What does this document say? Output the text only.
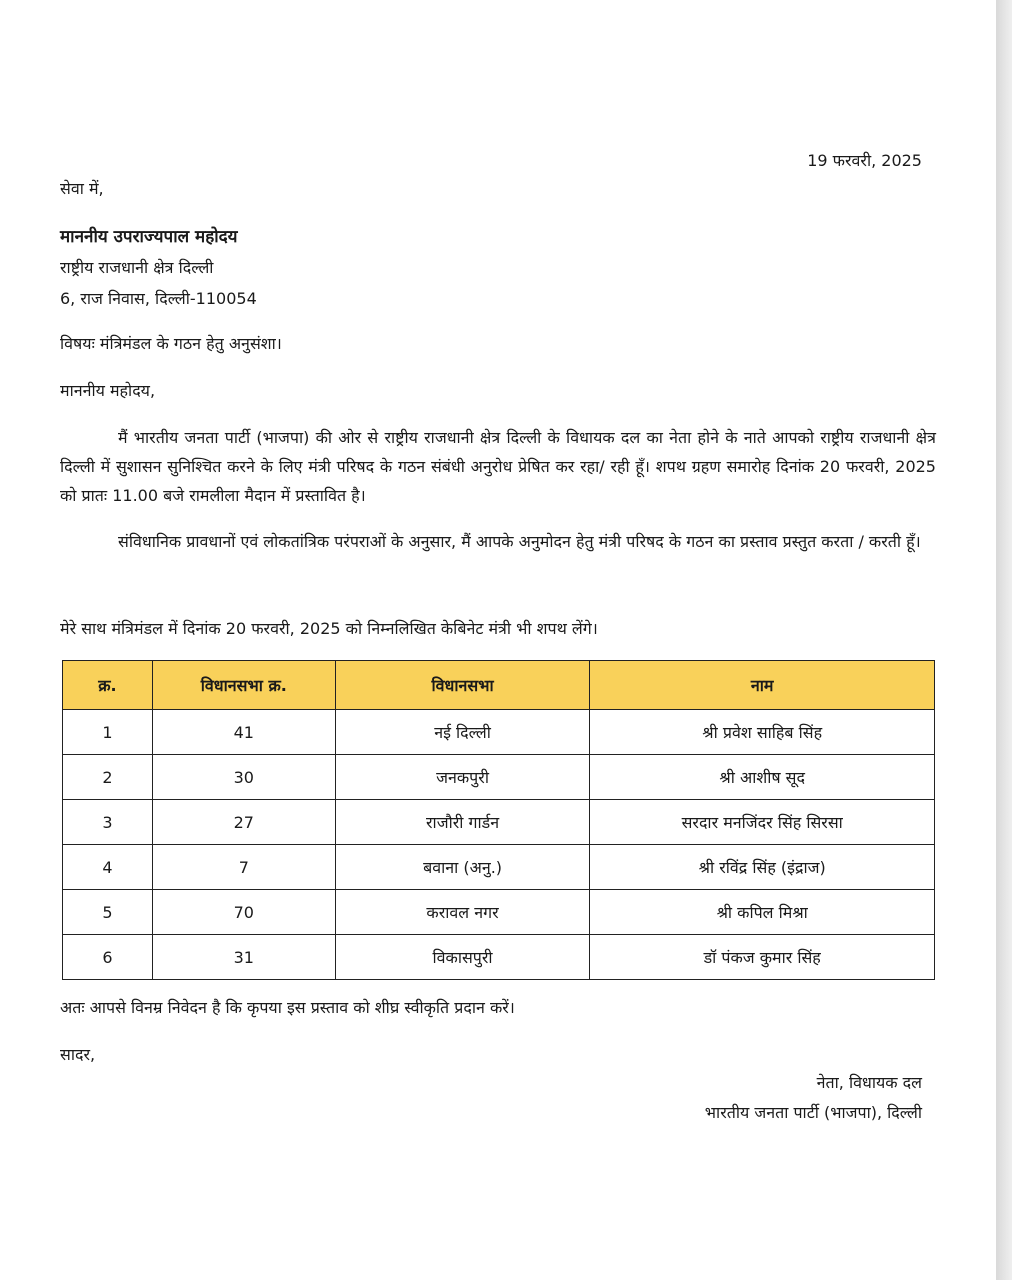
19 फरवरी, 2025
सेवा में,
माननीय उपराज्यपाल महोदय
राष्ट्रीय राजधानी क्षेत्र दिल्ली
6, राज निवास, दिल्ली-110054
विषयः मंत्रिमंडल के गठन हेतु अनुसंशा।
माननीय महोदय,
मैं भारतीय जनता पार्टी (भाजपा) की ओर से राष्ट्रीय राजधानी क्षेत्र दिल्ली के विधायक दल का नेता होने के नाते आपको राष्ट्रीय राजधानी क्षेत्र दिल्ली में सुशासन सुनिश्चित करने के लिए मंत्री परिषद के गठन संबंधी अनुरोध प्रेषित कर रहा/ रही हूँ। शपथ ग्रहण समारोह दिनांक 20 फरवरी, 2025 को प्रातः 11.00 बजे रामलीला मैदान में प्रस्तावित है।
संविधानिक प्रावधानों एवं लोकतांत्रिक परंपराओं के अनुसार, मैं आपके अनुमोदन हेतु मंत्री परिषद के गठन का प्रस्ताव प्रस्तुत करता / करती हूँ।
मेरे साथ मंत्रिमंडल में दिनांक 20 फरवरी, 2025 को निम्नलिखित केबिनेट मंत्री भी शपथ लेंगे।
क्र.	विधानसभा क्र.	विधानसभा	नाम
1	41	नई दिल्ली	श्री प्रवेश साहिब सिंह
2	30	जनकपुरी	श्री आशीष सूद
3	27	राजौरी गार्डन	सरदार मनजिंदर सिंह सिरसा
4	7	बवाना (अनु.)	श्री रविंद्र सिंह (इंद्राज)
5	70	करावल नगर	श्री कपिल मिश्रा
6	31	विकासपुरी	डॉ पंकज कुमार सिंह
अतः आपसे विनम्र निवेदन है कि कृपया इस प्रस्ताव को शीघ्र स्वीकृति प्रदान करें।
सादर,
नेता, विधायक दल
भारतीय जनता पार्टी (भाजपा), दिल्ली
